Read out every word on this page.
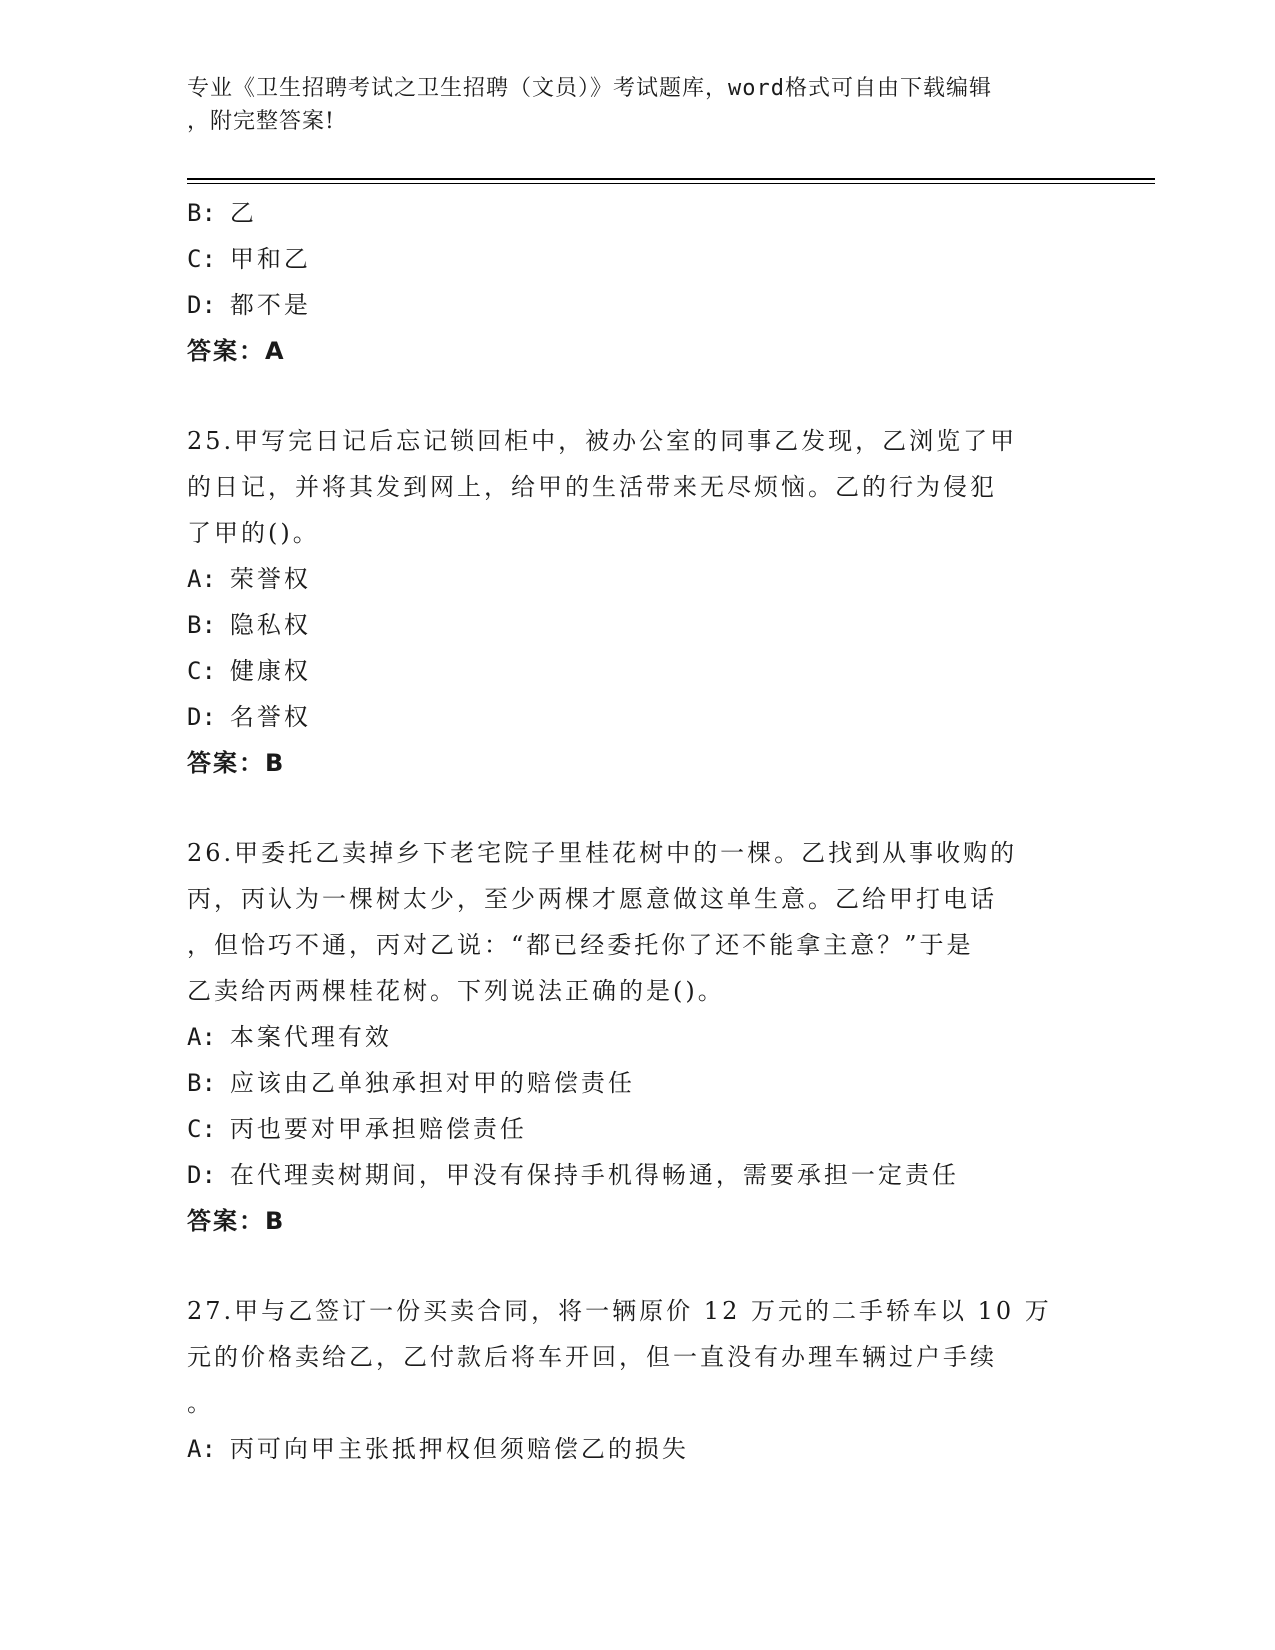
专业《卫生招聘考试之卫生招聘（文员）》考试题库，word格式可自由下载编辑
，附完整答案!
B: 乙
C: 甲和乙
D: 都不是
答案：A
25.甲写完日记后忘记锁回柜中，被办公室的同事乙发现，乙浏览了甲
的日记，并将其发到网上，给甲的生活带来无尽烦恼。乙的行为侵犯
了甲的()。
A: 荣誉权
B: 隐私权
C: 健康权
D: 名誉权
答案：B
26.甲委托乙卖掉乡下老宅院子里桂花树中的一棵。乙找到从事收购的
丙，丙认为一棵树太少，至少两棵才愿意做这单生意。乙给甲打电话
，但恰巧不通，丙对乙说：“都已经委托你了还不能拿主意？”于是
乙卖给丙两棵桂花树。下列说法正确的是()。
A: 本案代理有效
B: 应该由乙单独承担对甲的赔偿责任
C: 丙也要对甲承担赔偿责任
D: 在代理卖树期间，甲没有保持手机得畅通，需要承担一定责任
答案：B
27.甲与乙签订一份买卖合同，将一辆原价 12 万元的二手轿车以 10 万
元的价格卖给乙，乙付款后将车开回，但一直没有办理车辆过户手续
。
A: 丙可向甲主张抵押权但须赔偿乙的损失
